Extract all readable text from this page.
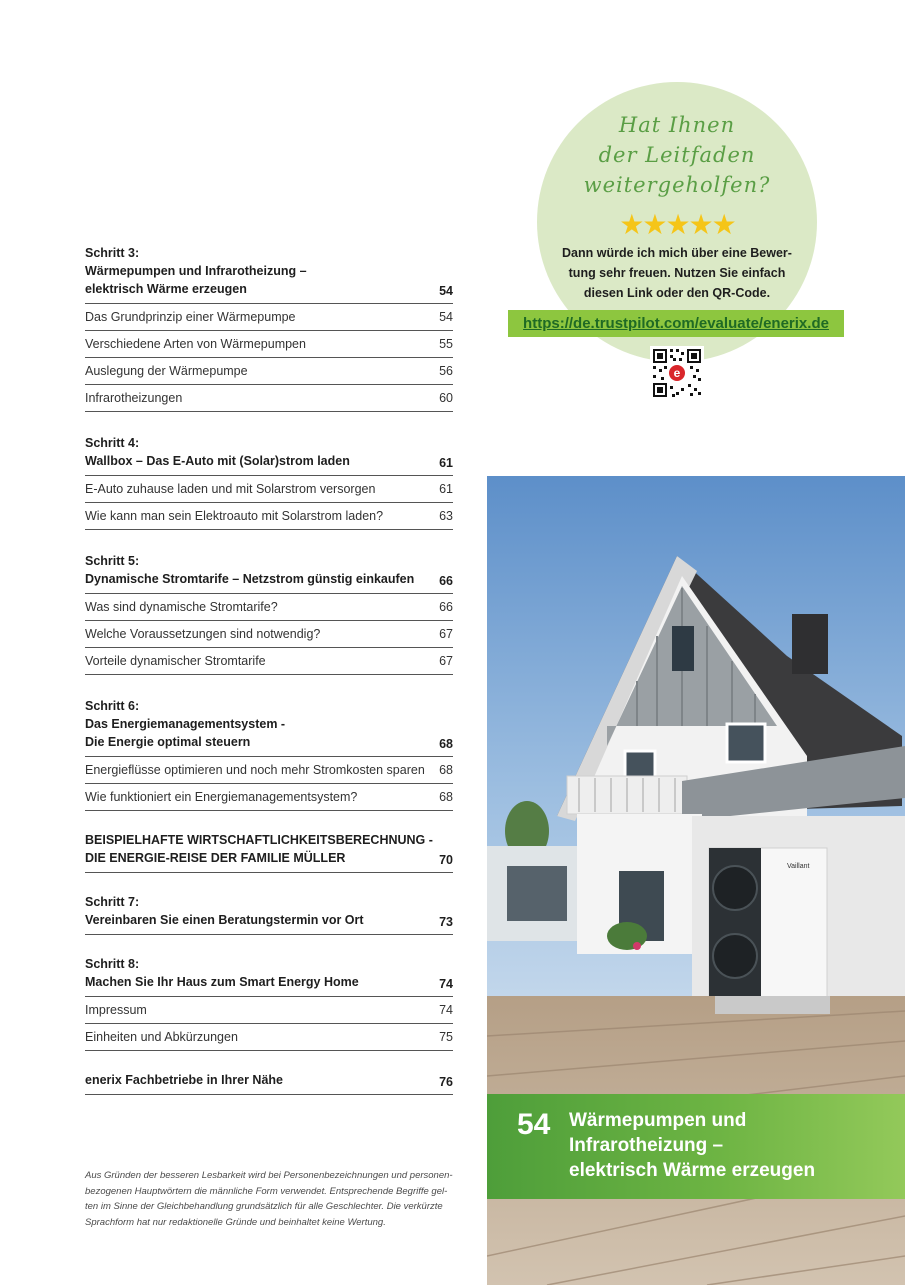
Schritt 3:
Wärmepumpen und Infrarotheizung –
elektrisch Wärme erzeugen	54
Das Grundprinzip einer Wärmepumpe	54
Verschiedene Arten von Wärmepumpen	55
Auslegung der Wärmepumpe	56
Infrarotheizungen	60
Schritt 4:
Wallbox – Das E-Auto mit (Solar)strom laden	61
E-Auto zuhause laden und mit Solarstrom versorgen	61
Wie kann man sein Elektroauto mit Solarstrom laden?	63
Schritt 5:
Dynamische Stromtarife – Netzstrom günstig einkaufen 66
Was sind dynamische Stromtarife?	66
Welche Voraussetzungen sind notwendig?	67
Vorteile dynamischer Stromtarife	67
Schritt 6:
Das Energiemanagementsystem -
Die Energie optimal steuern	68
Energieflüsse optimieren und noch mehr Stromkosten sparen 68
Wie funktioniert ein Energiemanagementsystem?	68
BEISPIELHAFTE WIRTSCHAFTLICHKEITSBERECHNUNG -
DIE ENERGIE-REISE DER FAMILIE MÜLLER	70
Schritt 7:
Vereinbaren Sie einen Beratungstermin vor Ort	73
Schritt 8:
Machen Sie Ihr Haus zum Smart Energy Home	74
Impressum	74
Einheiten und Abkürzungen	75
enerix Fachbetriebe in Ihrer Nähe	76
Hat Ihnen
der Leitfaden
weitergeholfen?
★★★★★
Dann würde ich mich über eine Bewer-
tung sehr freuen. Nutzen Sie einfach
diesen Link oder den QR-Code.
https://de.trustpilot.com/evaluate/enerix.de
e
Vaillant
54 Wärmepumpen und
Infrarotheizung –
elektrisch Wärme erzeugen
Aus Gründen der besseren Lesbarkeit wird bei Personenbezeichnungen und personen-
bezogenen Hauptwörtern die männliche Form verwendet. Entsprechende Begriffe gel-
ten im Sinne der Gleichbehandlung grundsätzlich für alle Geschlechter. Die verkürzte
Sprachform hat nur redaktionelle Gründe und beinhaltet keine Wertung.
